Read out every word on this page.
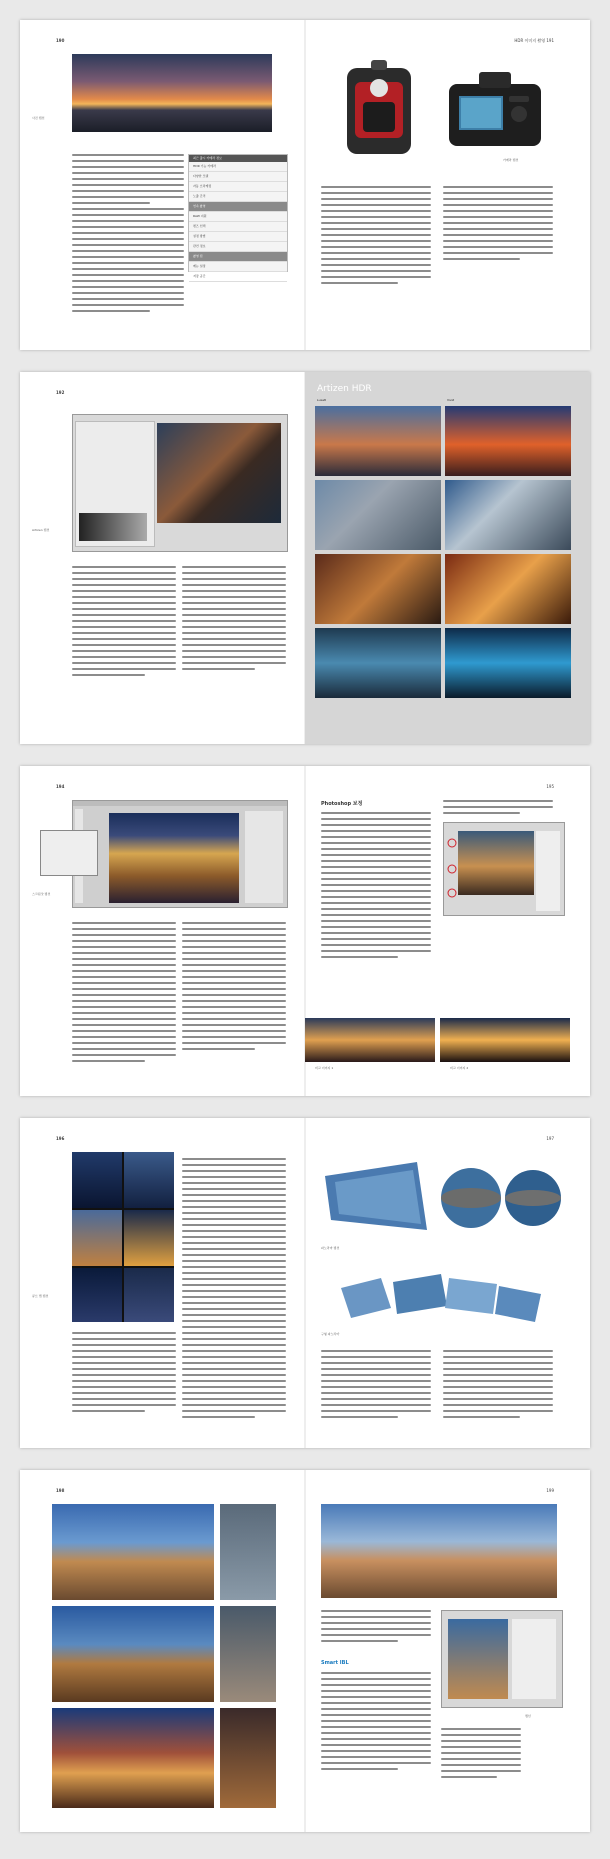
190
사진 캡션
최근 출시 카메라 정보
HDR 기능 카메라
다양한 모델
자동 브라케팅
노출 간격
연속 촬영
RAW 지원
렌즈 선택
설정 방법
관련 정보
촬영 팁
메뉴 설정
저장 공간
HDR 이미지 촬영 191
카메라 캡션
192
Artizen 캡션
Artizen HDR
Luxe8	Vivid
194
스크린샷 캡션
195
Photoshop 보정
비교 이미지 1	비교 이미지 2
196
큐브 맵 캡션
197
파노라마 캡션
구형 파노라마
198	199
Smart IBL
캡션
